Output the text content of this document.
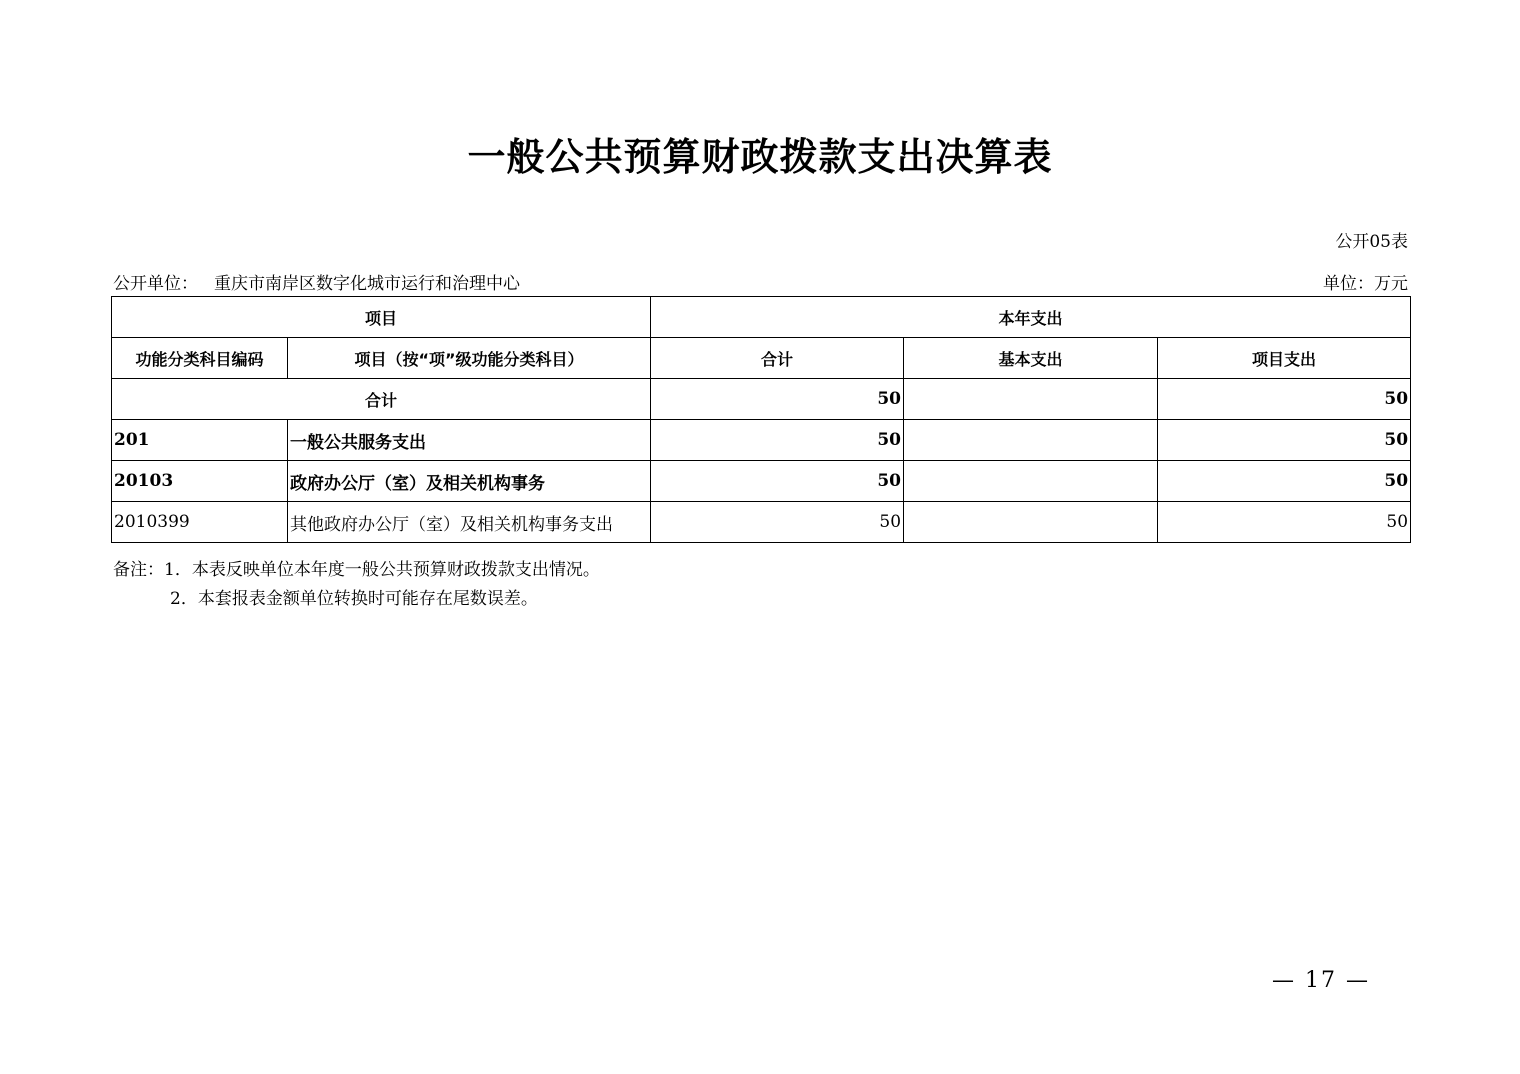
一般公共预算财政拨款支出决算表
公开05表
公开单位： 重庆市南岸区数字化城市运行和治理中心	单位：万元
项目		本年支出		
功能分类科目编码	项目（按“项”级功能分类科目）	合计	基本支出	项目支出
合计		50		50
201	一般公共服务支出	50		50
20103	政府办公厅（室）及相关机构事务	50		50
2010399	其他政府办公厅（室）及相关机构事务支出	50		50
备注：1．本表反映单位本年度一般公共预算财政拨款支出情况。
2．本套报表金额单位转换时可能存在尾数误差。
— 17 —
